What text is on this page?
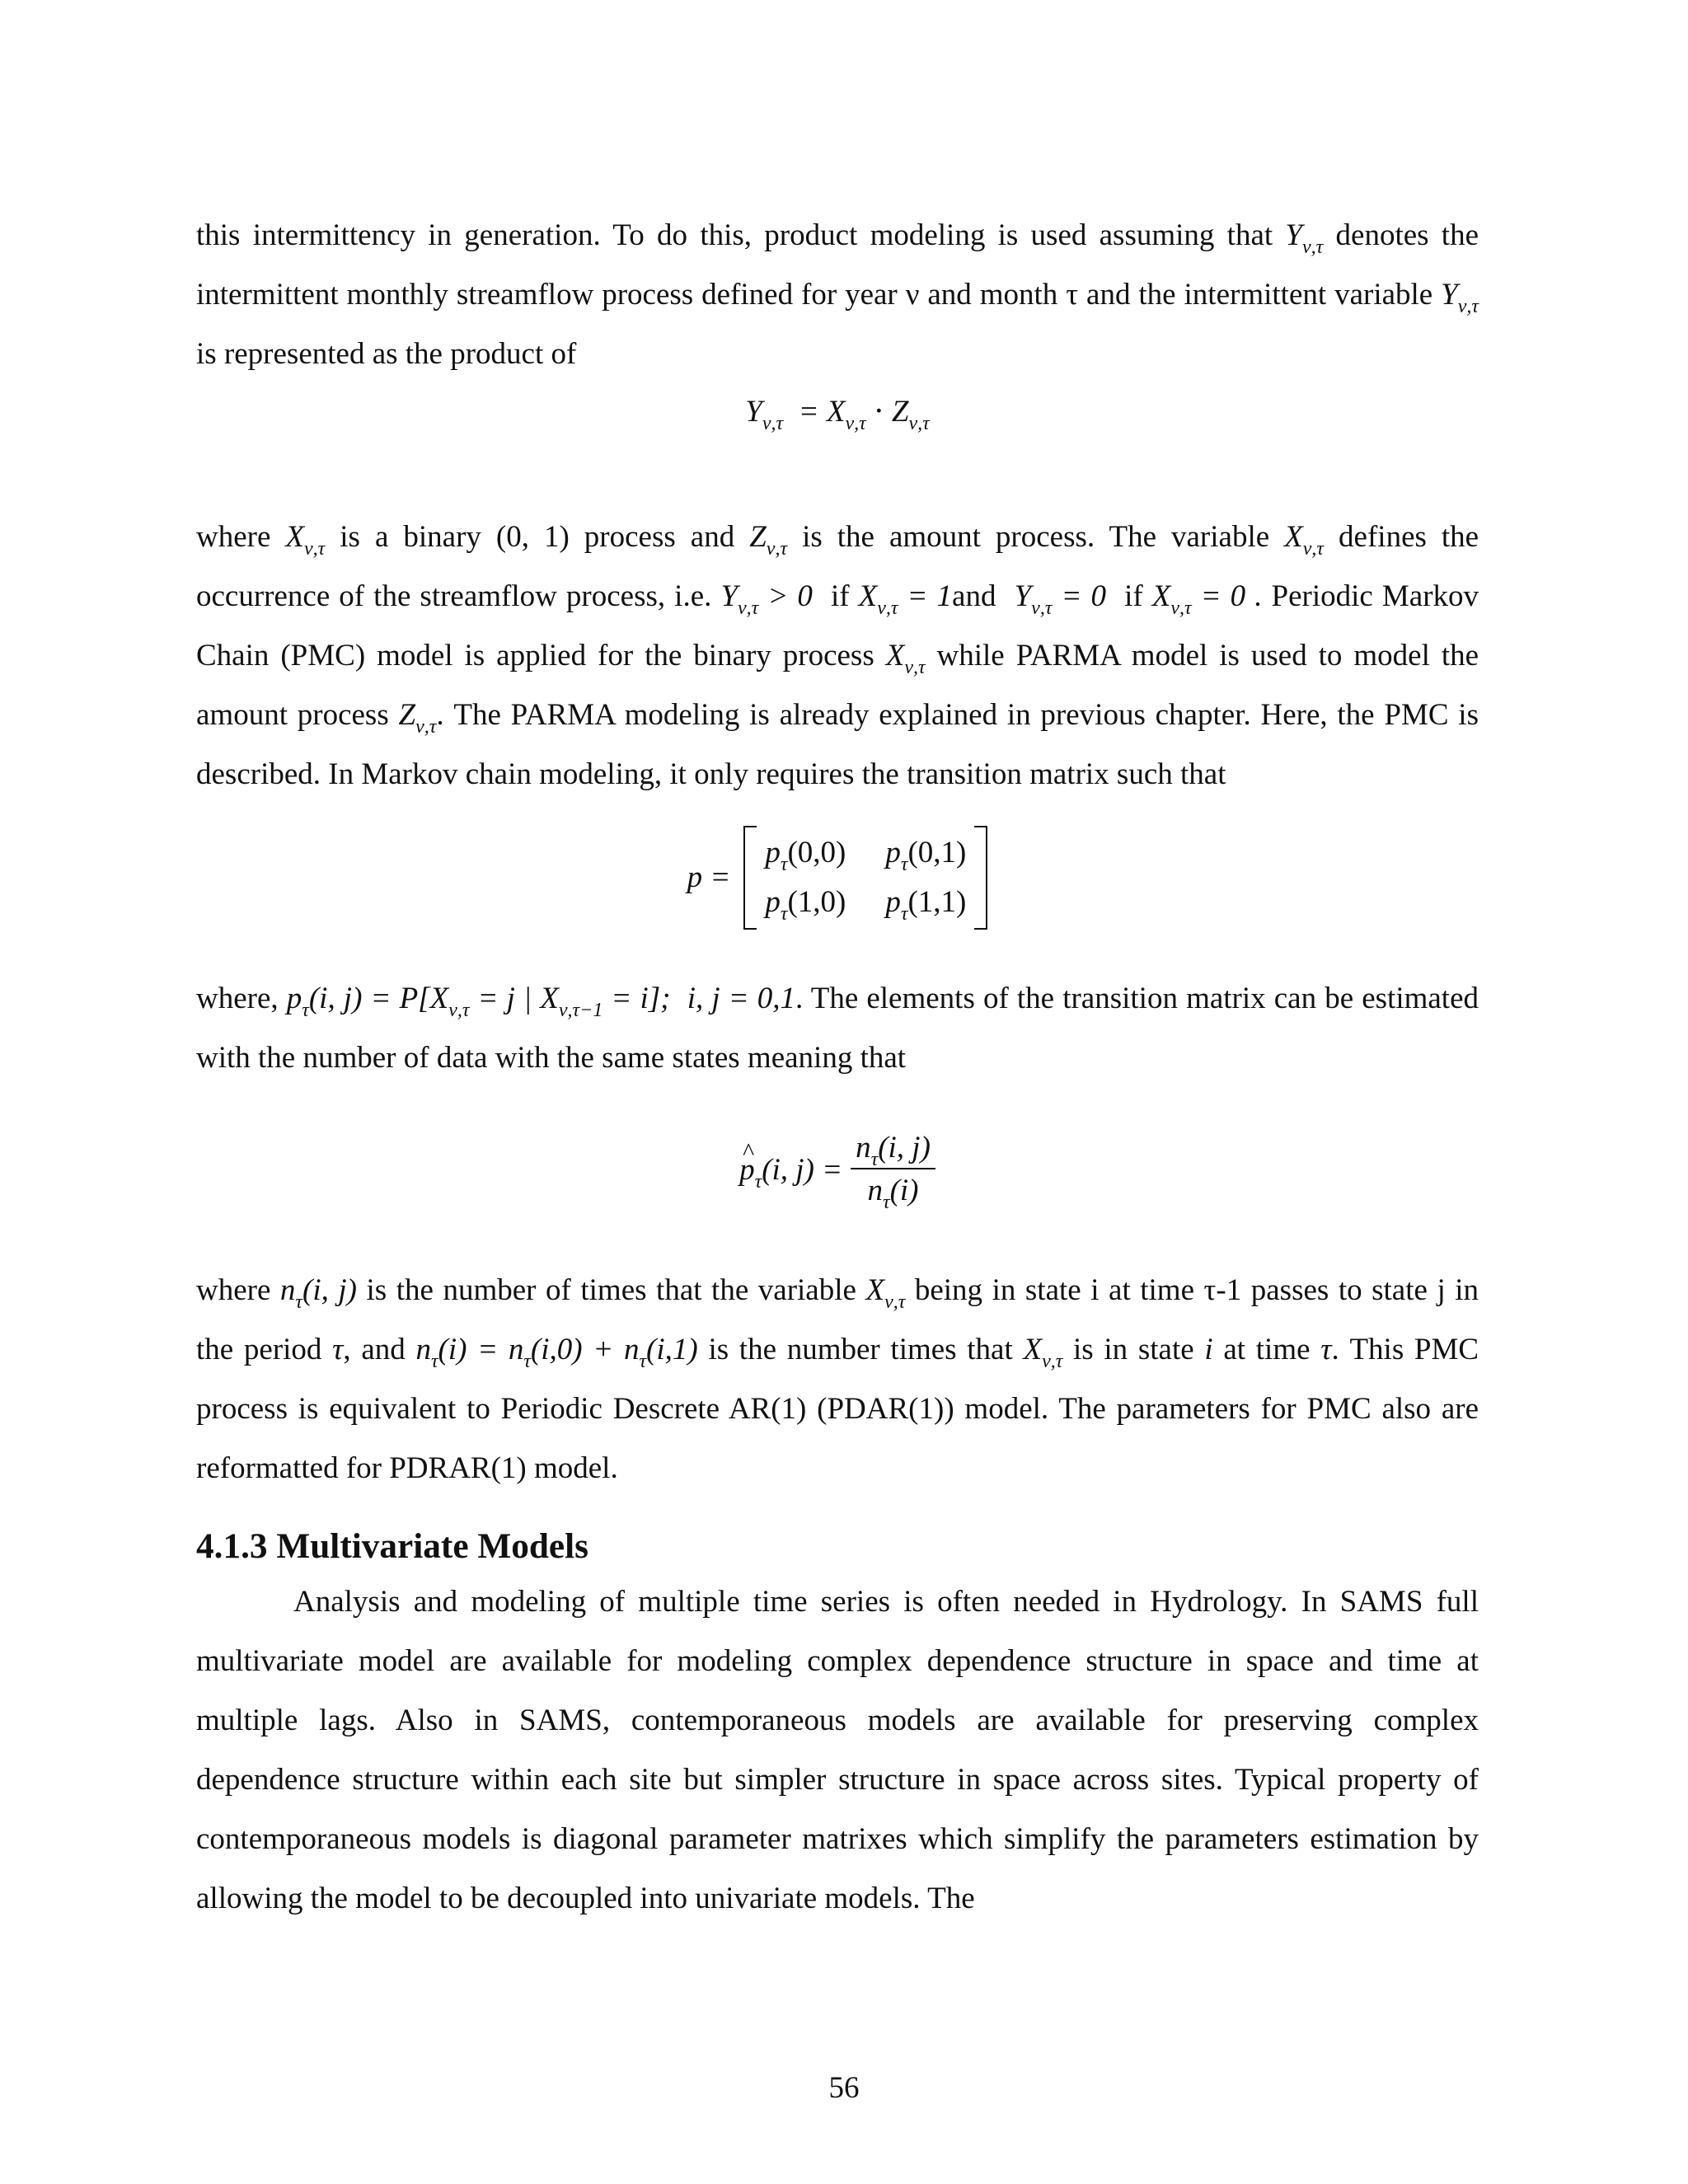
this intermittency in generation. To do this, product modeling is used assuming that $Y_{\nu,\tau}$ denotes the intermittent monthly streamflow process defined for year ν and month τ and the intermittent variable $Y_{\nu,\tau}$ is represented as the product of

$Y_{\nu,\tau} = X_{\nu,\tau} \cdot Z_{\nu,\tau}$

where $X_{\nu,\tau}$ is a binary (0, 1) process and $Z_{\nu,\tau}$ is the amount process. The variable $X_{\nu,\tau}$ defines the occurrence of the streamflow process, i.e. $Y_{\nu,\tau} > 0$  if $X_{\nu,\tau} = 1and$  $Y_{\nu,\tau} = 0$  if $X_{\nu,\tau} = 0$ . Periodic Markov Chain (PMC) model is applied for the binary process $X_{\nu,\tau}$ while PARMA model is used to model the amount process $Z_{\nu,\tau}$. The PARMA modeling is already explained in previous chapter. Here, the PMC is described. In Markov chain modeling, it only requires the transition matrix such that

p =
$p_\tau(0,0)$ $p_\tau(0,1)$
$p_\tau(1,0)$ $p_\tau(1,1)$

where, $p_\tau(i$, $j) = P[X_{\nu,\tau} = j$ | $X_{\nu,\tau-1} = i$];  i, j = 0,1. The elements of the transition matrix can be estimated with the number of data with the same states meaning that

^ $p_\tau(i$, $j) = \frac{n_\tau(i, j)}{n_\tau(i)}$

where $n_\tau(i$, j) is the number of times that the variable $X_{\nu,\tau}$ being in state i at time τ-1 passes to state j in the period τ, and $n_\tau(i) = n_\tau(i,0) + n_\tau(i,1)$ is the number times that $X_{\nu,\tau}$ is in state i at time τ. This PMC process is equivalent to Periodic Descrete AR(1) (PDAR(1)) model. The parameters for PMC also are reformatted for PDRAR(1) model.

4.1.3 Multivariate Models

Analysis and modeling of multiple time series is often needed in Hydrology. In SAMS full multivariate model are available for modeling complex dependence structure in space and time at multiple lags. Also in SAMS, contemporaneous models are available for preserving complex dependence structure within each site but simpler structure in space across sites. Typical property of contemporaneous models is diagonal parameter matrixes which simplify the parameters estimation by allowing the model to be decoupled into univariate models. The

56
